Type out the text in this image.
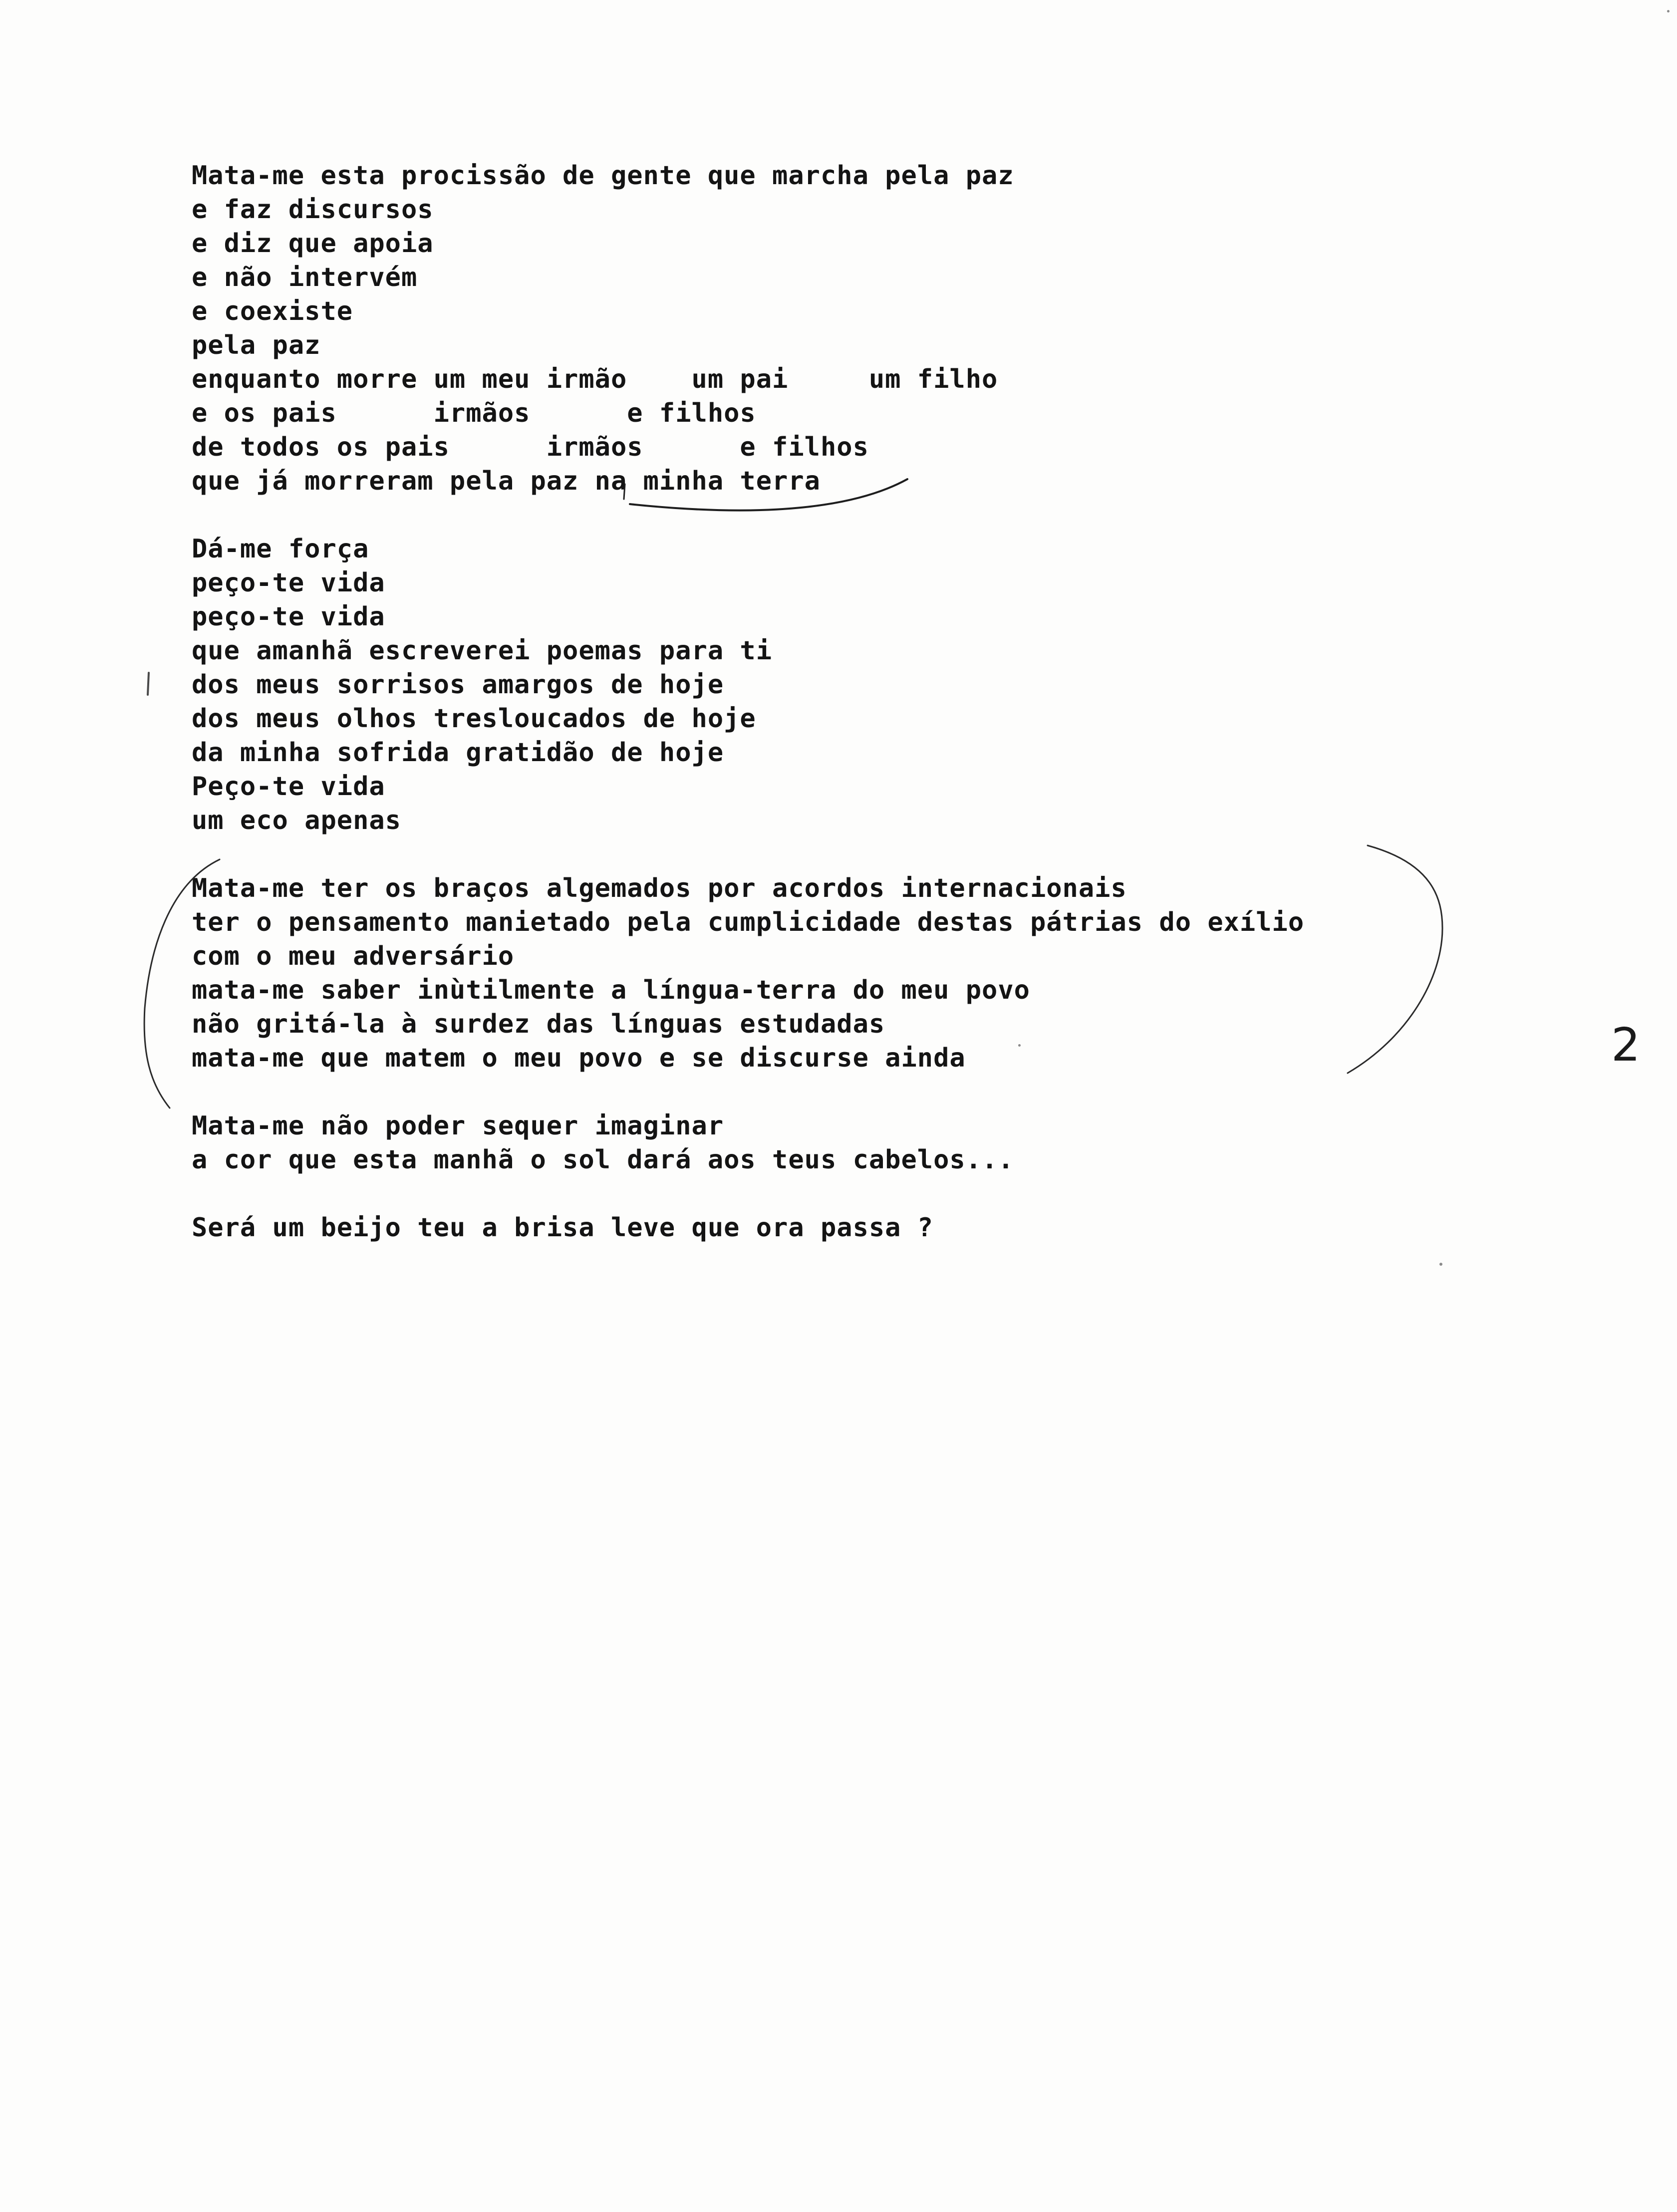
Mata-me esta procissão de gente que marcha pela paz
e faz discursos
e diz que apoia
e não intervém
e coexiste
pela paz
enquanto morre um meu irmão    um pai     um filho
e os pais      irmãos      e filhos
de todos os pais      irmãos      e filhos
que já morreram pela paz na minha terra
Dá-me força
peço-te vida
peço-te vida
que amanhã escreverei poemas para ti
dos meus sorrisos amargos de hoje
dos meus olhos tresloucados de hoje
da minha sofrida gratidão de hoje
Peço-te vida
um eco apenas
Mata-me ter os braços algemados por acordos internacionais
ter o pensamento manietado pela cumplicidade destas pátrias do exílio
com o meu adversário
mata-me saber inùtilmente a língua-terra do meu povo
não gritá-la à surdez das línguas estudadas
mata-me que matem o meu povo e se discurse ainda
Mata-me não poder sequer imaginar
a cor que esta manhã o sol dará aos teus cabelos...
Será um beijo teu a brisa leve que ora passa ?
2
